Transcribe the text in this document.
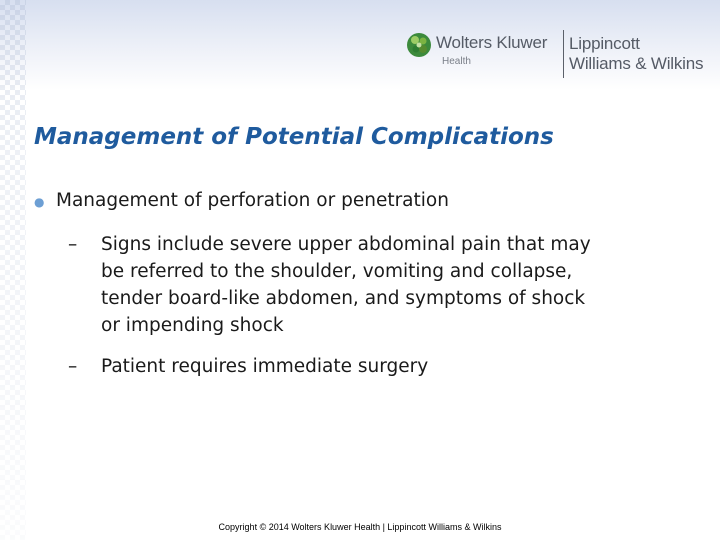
Wolters Kluwer
Health
Lippincott
Williams & Wilkins
Management of Potential Complications
● Management of perforation or penetration
– Signs include severe upper abdominal pain that may
be referred to the shoulder, vomiting and collapse,
tender board-like abdomen, and symptoms of shock
or impending shock
– Patient requires immediate surgery
Copyright © 2014 Wolters Kluwer Health | Lippincott Williams & Wilkins
